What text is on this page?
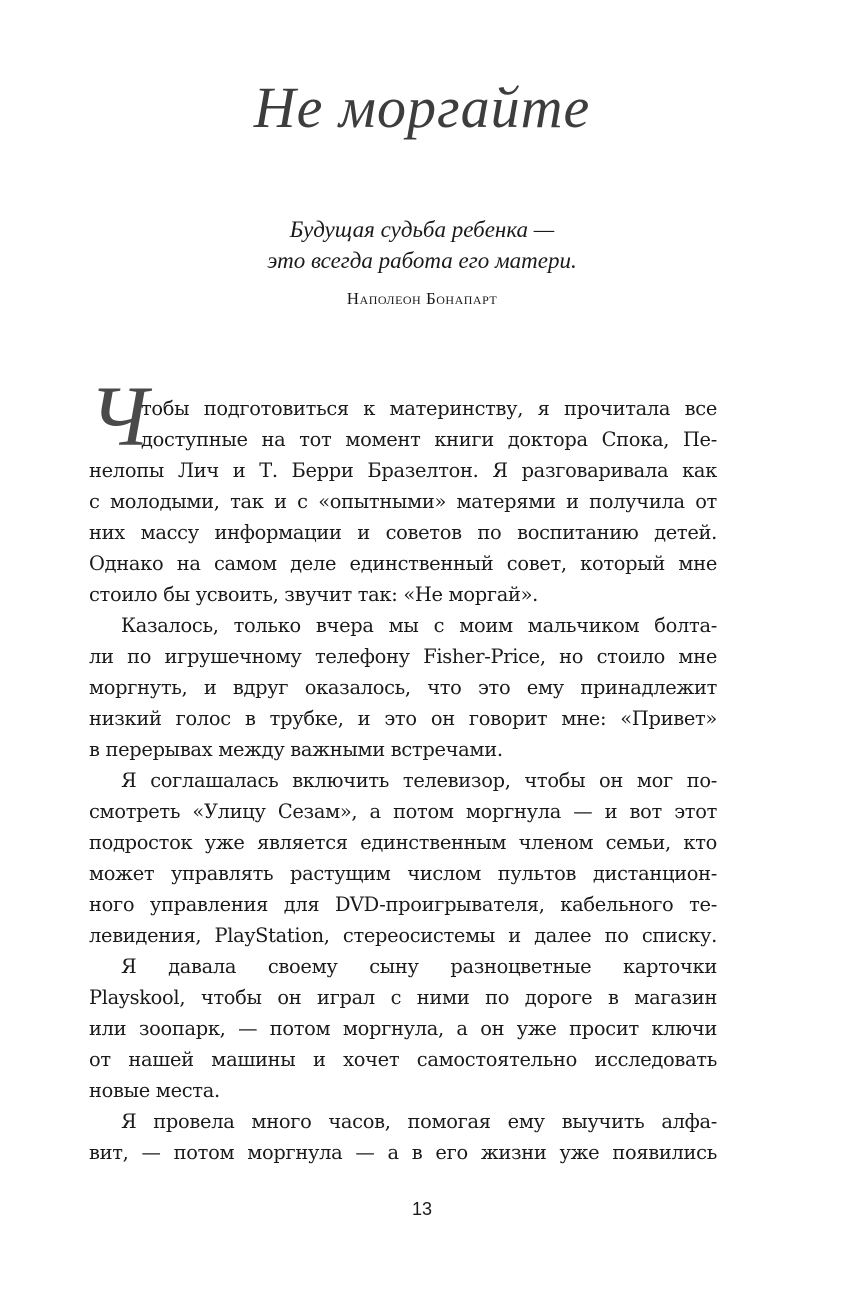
Не моргайте
Будущая судьба ребенка —
это всегда работа его матери.
Наполеон Бонапарт
Ч
тобы подготовиться к материнству, я прочитала все
доступные на тот момент книги доктора Спока, Пе-
нелопы Лич и Т. Берри Бразелтон. Я разговаривала как
с молодыми, так и с «опытными» матерями и получила от
них массу информации и советов по воспитанию детей.
Однако на самом деле единственный совет, который мне
стоило бы усвоить, звучит так: «Не моргай».
Казалось, только вчера мы с моим мальчиком болта-
ли по игрушечному телефону Fisher-Price, но стоило мне
моргнуть, и вдруг оказалось, что это ему принадлежит
низкий голос в трубке, и это он говорит мне: «Привет»
в перерывах между важными встречами.
Я соглашалась включить телевизор, чтобы он мог по-
смотреть «Улицу Сезам», а потом моргнула — и вот этот
подросток уже является единственным членом семьи, кто
может управлять растущим числом пультов дистанцион-
ного управления для DVD-проигрывателя, кабельного те-
левидения, PlayStation, стереосистемы и далее по списку.
Я давала своему сыну разноцветные карточки
Playskool, чтобы он играл с ними по дороге в магазин
или зоопарк, — потом моргнула, а он уже просит ключи
от нашей машины и хочет самостоятельно исследовать
новые места.
Я провела много часов, помогая ему выучить алфа-
вит, — потом моргнула — а в его жизни уже появились
13
